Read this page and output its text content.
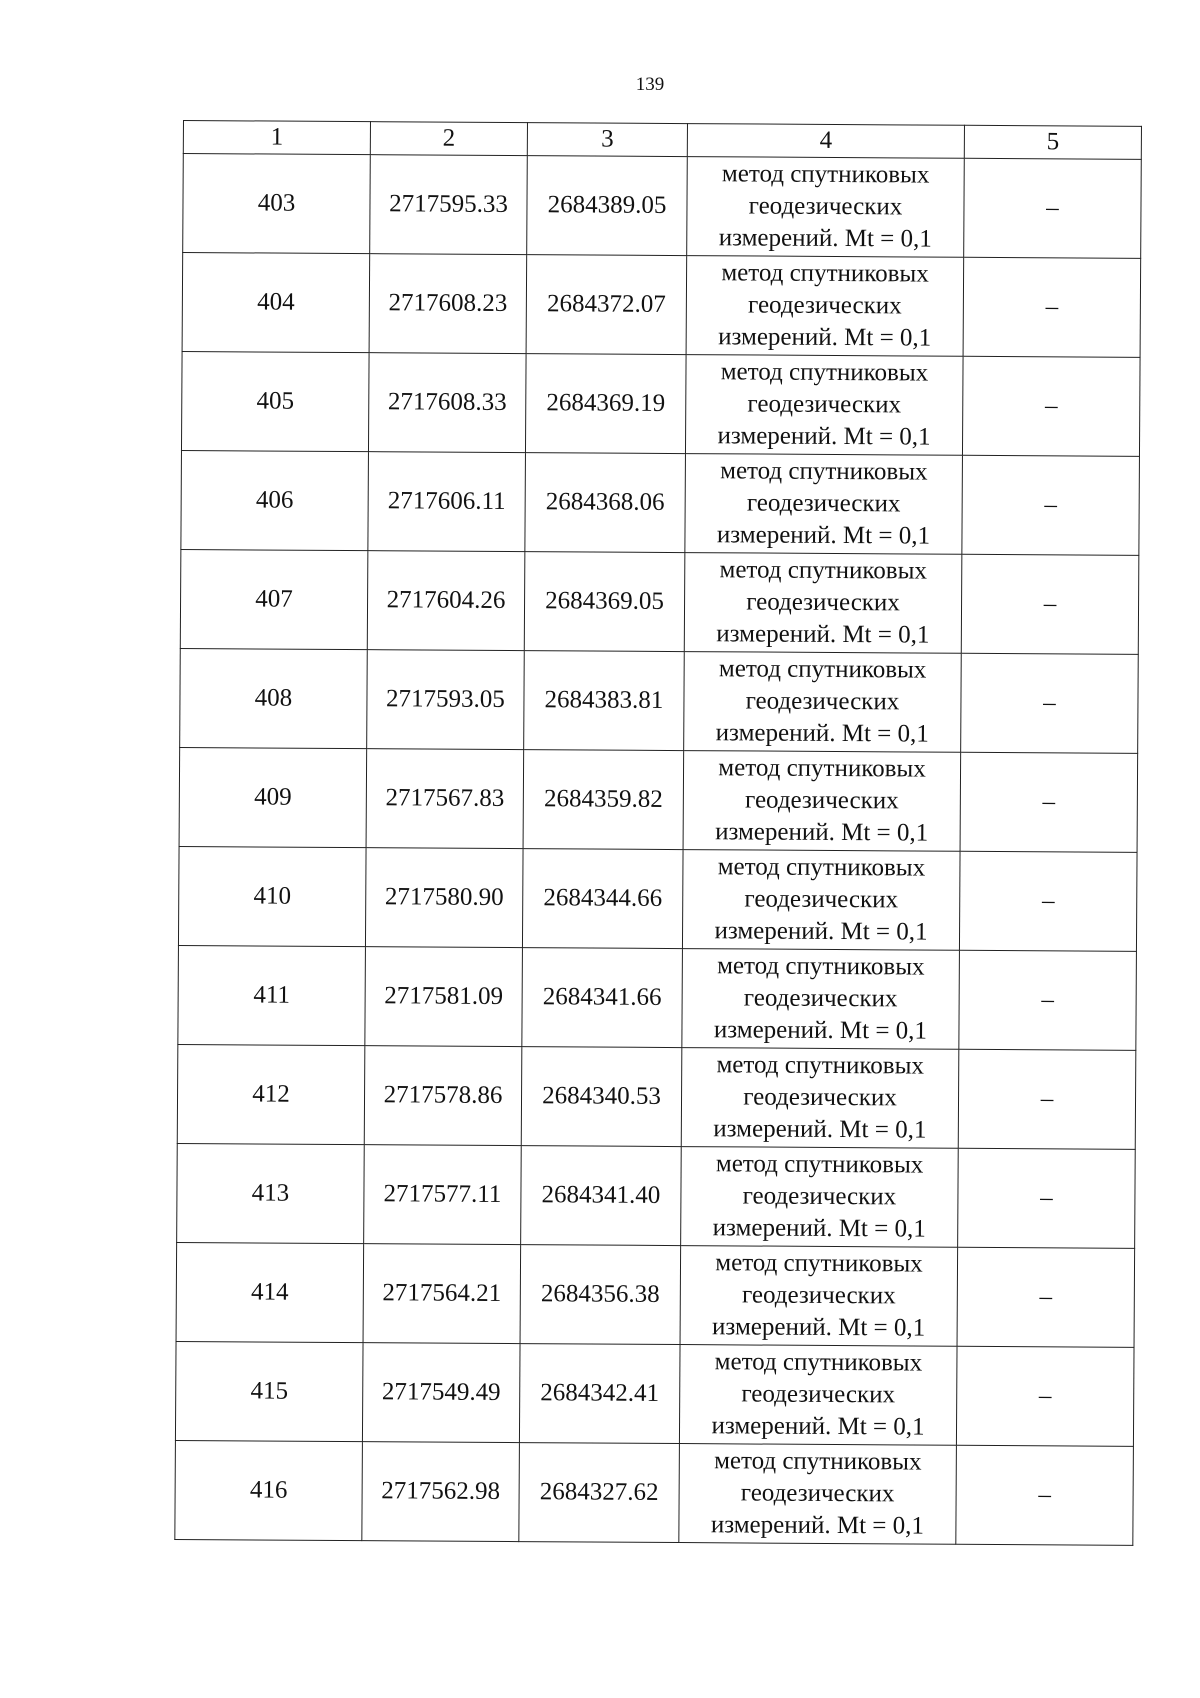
139
1	2	3	4	5
403	2717595.33	2684389.05	метод спутниковых
геодезических
измерений. Mt = 0,1	–
404	2717608.23	2684372.07	метод спутниковых
геодезических
измерений. Mt = 0,1	–
405	2717608.33	2684369.19	метод спутниковых
геодезических
измерений. Mt = 0,1	–
406	2717606.11	2684368.06	метод спутниковых
геодезических
измерений. Mt = 0,1	–
407	2717604.26	2684369.05	метод спутниковых
геодезических
измерений. Mt = 0,1	–
408	2717593.05	2684383.81	метод спутниковых
геодезических
измерений. Mt = 0,1	–
409	2717567.83	2684359.82	метод спутниковых
геодезических
измерений. Mt = 0,1	–
410	2717580.90	2684344.66	метод спутниковых
геодезических
измерений. Mt = 0,1	–
411	2717581.09	2684341.66	метод спутниковых
геодезических
измерений. Mt = 0,1	–
412	2717578.86	2684340.53	метод спутниковых
геодезических
измерений. Mt = 0,1	–
413	2717577.11	2684341.40	метод спутниковых
геодезических
измерений. Mt = 0,1	–
414	2717564.21	2684356.38	метод спутниковых
геодезических
измерений. Mt = 0,1	–
415	2717549.49	2684342.41	метод спутниковых
геодезических
измерений. Mt = 0,1	–
416	2717562.98	2684327.62	метод спутниковых
геодезических
измерений. Mt = 0,1	–
